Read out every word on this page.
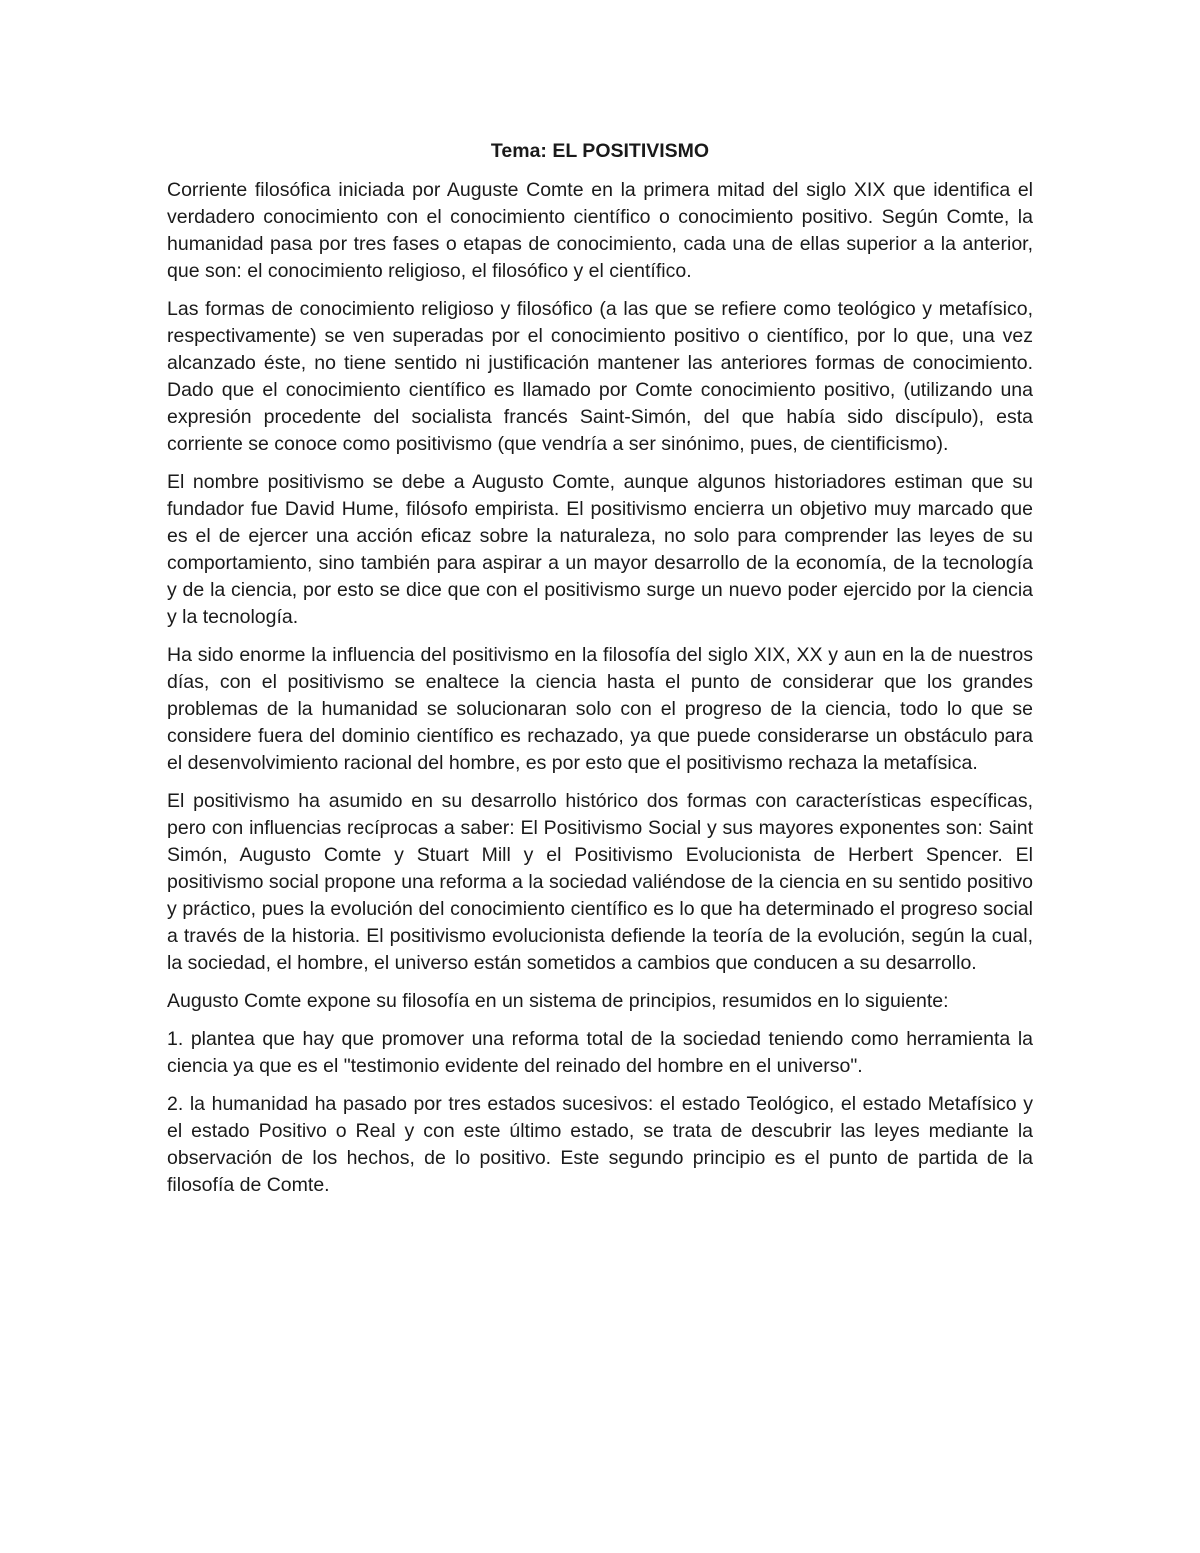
Tema: EL POSITIVISMO

Corriente filosófica iniciada por Auguste Comte en la primera mitad del siglo XIX que identifica el verdadero conocimiento con el conocimiento científico o conocimiento positivo. Según Comte, la humanidad pasa por tres fases o etapas de conocimiento, cada una de ellas superior a la anterior, que son: el conocimiento religioso, el filosófico y el científico.

Las formas de conocimiento religioso y filosófico (a las que se refiere como teológico y metafísico, respectivamente) se ven superadas por el conocimiento positivo o científico, por lo que, una vez alcanzado éste, no tiene sentido ni justificación mantener las anteriores formas de conocimiento. Dado que el conocimiento científico es llamado por Comte conocimiento positivo, (utilizando una expresión procedente del socialista francés Saint-Simón, del que había sido discípulo), esta corriente se conoce como positivismo (que vendría a ser sinónimo, pues, de cientificismo).

El nombre positivismo se debe a Augusto Comte, aunque algunos historiadores estiman que su fundador fue David Hume, filósofo empirista. El positivismo encierra un objetivo muy marcado que es el de ejercer una acción eficaz sobre la naturaleza, no solo para comprender las leyes de su comportamiento, sino también para aspirar a un mayor desarrollo de la economía, de la tecnología y de la ciencia, por esto se dice que con el positivismo surge un nuevo poder ejercido por la ciencia y la tecnología.

Ha sido enorme la influencia del positivismo en la filosofía del siglo XIX, XX y aun en la de nuestros días, con el positivismo se enaltece la ciencia hasta el punto de considerar que los grandes problemas de la humanidad se solucionaran solo con el progreso de la ciencia, todo lo que se considere fuera del dominio científico es rechazado, ya que puede considerarse un obstáculo para el desenvolvimiento racional del hombre, es por esto que el positivismo rechaza la metafísica.

El positivismo ha asumido en su desarrollo histórico dos formas con características específicas, pero con influencias recíprocas a saber: El Positivismo Social y sus mayores exponentes son: Saint Simón, Augusto Comte y Stuart Mill y el Positivismo Evolucionista de Herbert Spencer. El positivismo social propone una reforma a la sociedad valiéndose de la ciencia en su sentido positivo y práctico, pues la evolución del conocimiento científico es lo que ha determinado el progreso social a través de la historia. El positivismo evolucionista defiende la teoría de la evolución, según la cual, la sociedad, el hombre, el universo están sometidos a cambios que conducen a su desarrollo.

Augusto Comte expone su filosofía en un sistema de principios, resumidos en lo siguiente:

1. plantea que hay que promover una reforma total de la sociedad teniendo como herramienta la ciencia ya que es el "testimonio evidente del reinado del hombre en el universo".

2. la humanidad ha pasado por tres estados sucesivos: el estado Teológico, el estado Metafísico y el estado Positivo o Real y con este último estado, se trata de descubrir las leyes mediante la observación de los hechos, de lo positivo. Este segundo principio es el punto de partida de la filosofía de Comte.
